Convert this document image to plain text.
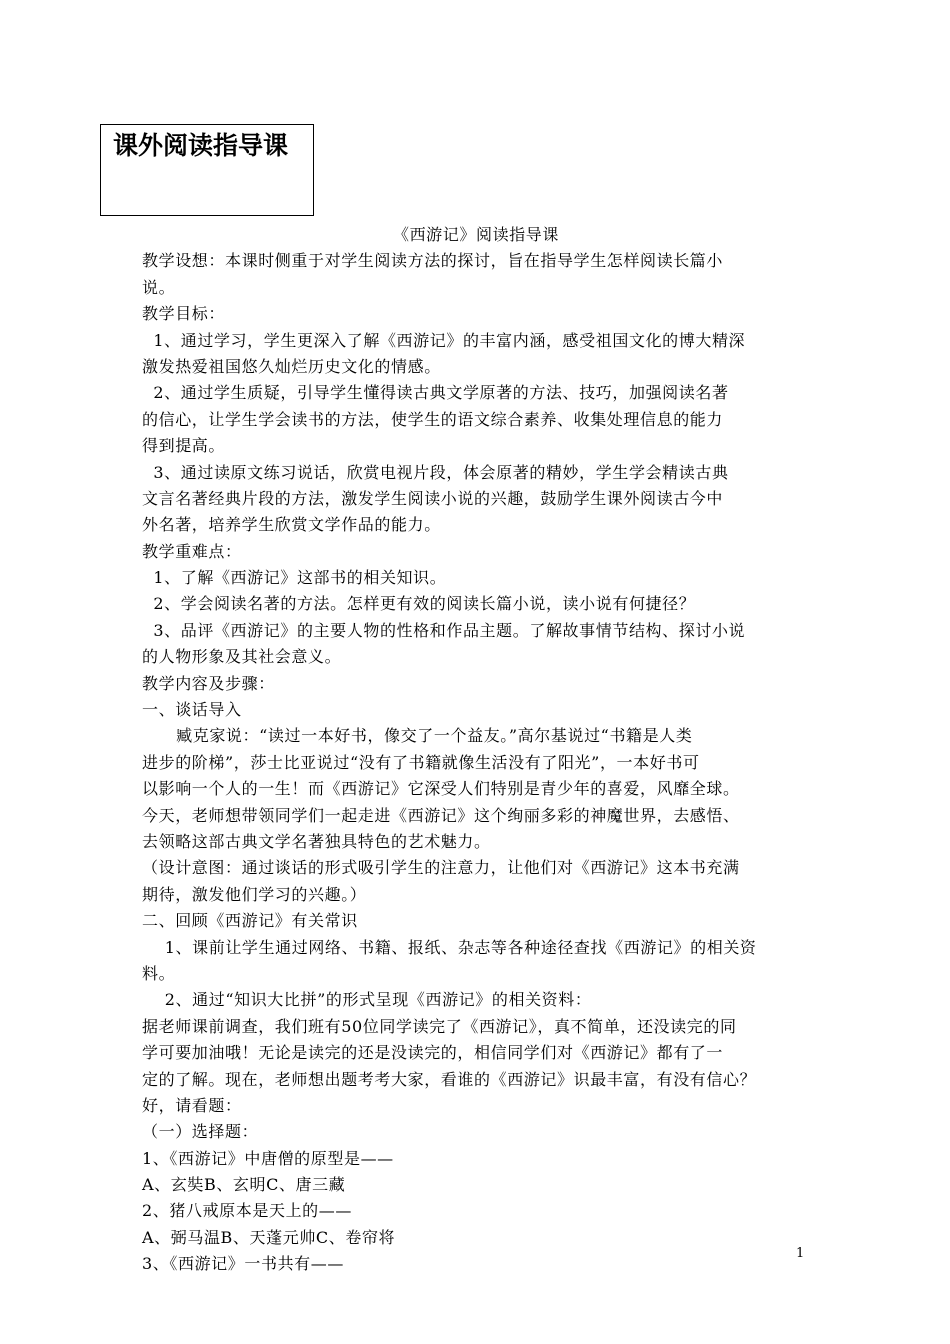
课外阅读指导课
《西游记》阅读指导课
教学设想：本课时侧重于对学生阅读方法的探讨，旨在指导学生怎样阅读长篇小
说。
教学目标：
1、通过学习，学生更深入了解《西游记》的丰富内涵，感受祖国文化的博大精深
激发热爱祖国悠久灿烂历史文化的情感。
2、通过学生质疑，引导学生懂得读古典文学原著的方法、技巧，加强阅读名著
的信心，让学生学会读书的方法，使学生的语文综合素养、收集处理信息的能力
得到提高。
3、通过读原文练习说话，欣赏电视片段，体会原著的精妙，学生学会精读古典
文言名著经典片段的方法，激发学生阅读小说的兴趣，鼓励学生课外阅读古今中
外名著，培养学生欣赏文学作品的能力。
教学重难点：
1、了解《西游记》这部书的相关知识。
2、学会阅读名著的方法。怎样更有效的阅读长篇小说，读小说有何捷径？
3、品评《西游记》的主要人物的性格和作品主题。了解故事情节结构、探讨小说
的人物形象及其社会意义。
教学内容及步骤：
一、谈话导入
臧克家说：“读过一本好书，像交了一个益友。”高尔基说过“书籍是人类
进步的阶梯”，莎士比亚说过“没有了书籍就像生活没有了阳光”，一本好书可
以影响一个人的一生！而《西游记》它深受人们特别是青少年的喜爱，风靡全球。
今天，老师想带领同学们一起走进《西游记》这个绚丽多彩的神魔世界，去感悟、
去领略这部古典文学名著独具特色的艺术魅力。
（设计意图：通过谈话的形式吸引学生的注意力，让他们对《西游记》这本书充满
期待，激发他们学习的兴趣。）
二、回顾《西游记》有关常识
1、课前让学生通过网络、书籍、报纸、杂志等各种途径查找《西游记》的相关资
料。
2、通过“知识大比拼”的形式呈现《西游记》的相关资料：
据老师课前调查，我们班有50位同学读完了《西游记》，真不简单，还没读完的同
学可要加油哦！无论是读完的还是没读完的，相信同学们对《西游记》都有了一
定的了解。现在，老师想出题考考大家，看谁的《西游记》识最丰富，有没有信心？
好，请看题：
（一）选择题：
1、《西游记》中唐僧的原型是——
A、玄奘B、玄明C、唐三藏
2、猪八戒原本是天上的——
A、弼马温B、天蓬元帅C、卷帘将
3、《西游记》一书共有——
1
